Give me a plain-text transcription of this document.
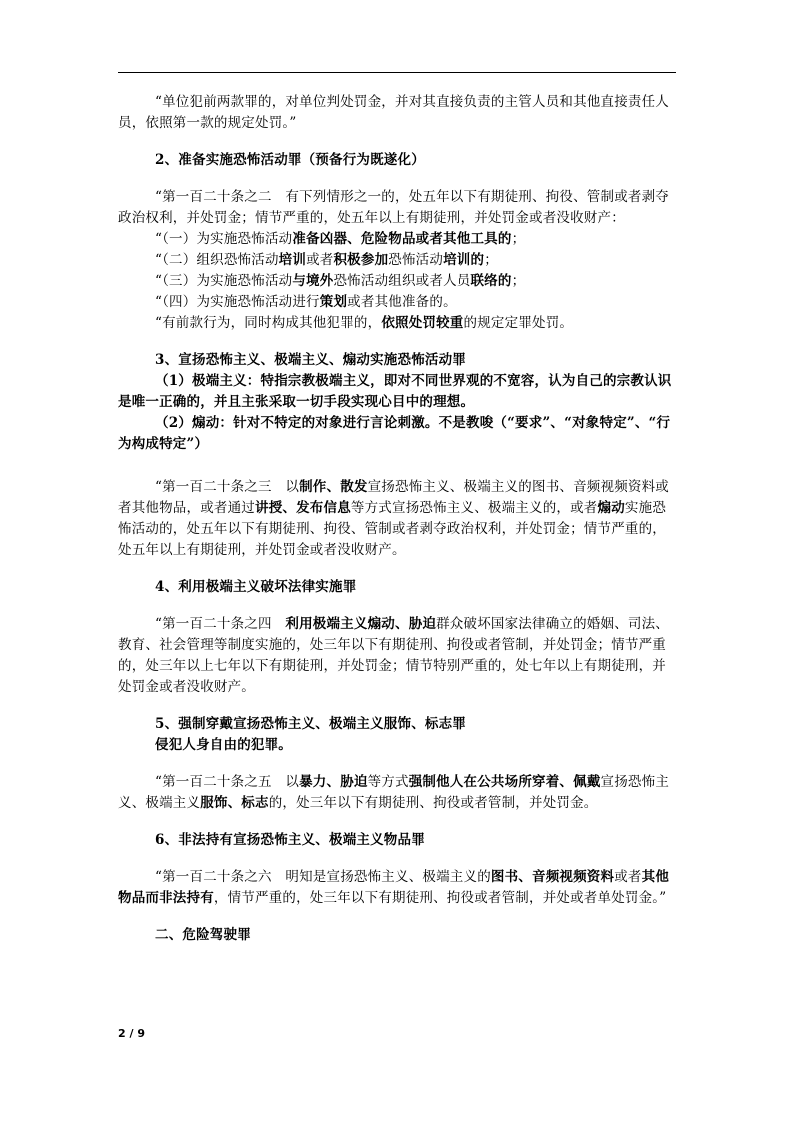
“单位犯前两款罪的，对单位判处罚金，并对其直接负责的主管人员和其他直接责任人员，依照第一款的规定处罚。”

2、准备实施恐怖活动罪（预备行为既遂化）

“第一百二十条之二　有下列情形之一的，处五年以下有期徒刑、拘役、管制或者剥夺政治权利，并处罚金；情节严重的，处五年以上有期徒刑，并处罚金或者没收财产：

“（一）为实施恐怖活动准备凶器、危险物品或者其他工具的；

“（二）组织恐怖活动培训或者积极参加恐怖活动培训的；

“（三）为实施恐怖活动与境外恐怖活动组织或者人员联络的；

“（四）为实施恐怖活动进行策划或者其他准备的。

“有前款行为，同时构成其他犯罪的，依照处罚较重的规定定罪处罚。

3、宣扬恐怖主义、极端主义、煽动实施恐怖活动罪

（1）极端主义：特指宗教极端主义，即对不同世界观的不宽容，认为自己的宗教认识是唯一正确的，并且主张采取一切手段实现心目中的理想。

（2）煽动：针对不特定的对象进行言论刺激。不是教唆（“要求”、“对象特定”、“行为构成特定”）

“第一百二十条之三　以制作、散发宣扬恐怖主义、极端主义的图书、音频视频资料或者其他物品，或者通过讲授、发布信息等方式宣扬恐怖主义、极端主义的，或者煽动实施恐怖活动的，处五年以下有期徒刑、拘役、管制或者剥夺政治权利，并处罚金；情节严重的，处五年以上有期徒刑，并处罚金或者没收财产。

4、利用极端主义破坏法律实施罪

“第一百二十条之四　利用极端主义煽动、胁迫群众破坏国家法律确立的婚姻、司法、教育、社会管理等制度实施的，处三年以下有期徒刑、拘役或者管制，并处罚金；情节严重的，处三年以上七年以下有期徒刑，并处罚金；情节特别严重的，处七年以上有期徒刑，并处罚金或者没收财产。

5、强制穿戴宣扬恐怖主义、极端主义服饰、标志罪

侵犯人身自由的犯罪。

“第一百二十条之五　以暴力、胁迫等方式强制他人在公共场所穿着、佩戴宣扬恐怖主义、极端主义服饰、标志的，处三年以下有期徒刑、拘役或者管制，并处罚金。

6、非法持有宣扬恐怖主义、极端主义物品罪

“第一百二十条之六　明知是宣扬恐怖主义、极端主义的图书、音频视频资料或者其他物品而非法持有，情节严重的，处三年以下有期徒刑、拘役或者管制，并处或者单处罚金。”

二、危险驾驶罪

2 / 9
